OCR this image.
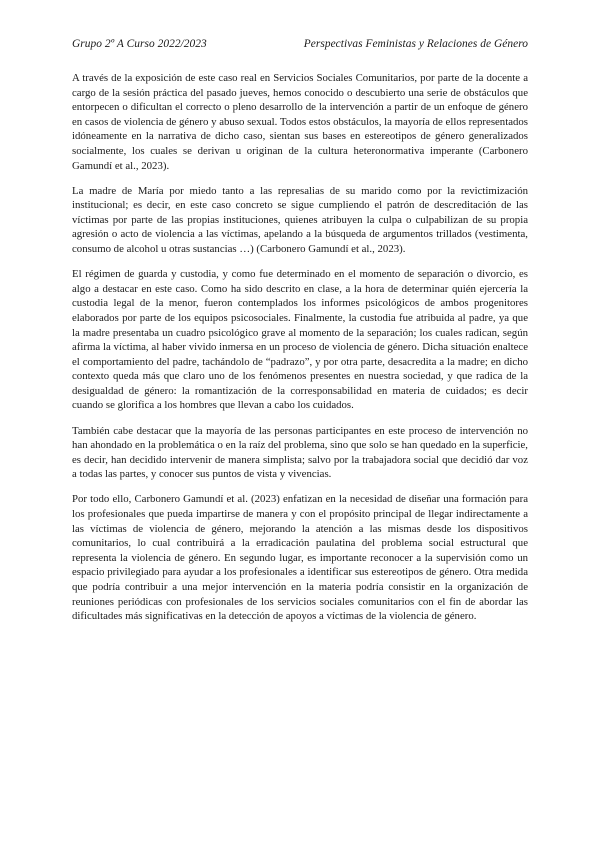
Grupo 2º A Curso 2022/2023	Perspectivas Feministas y Relaciones de Género

A través de la exposición de este caso real en Servicios Sociales Comunitarios, por parte de la docente a cargo de la sesión práctica del pasado jueves, hemos conocido o descubierto una serie de obstáculos que entorpecen o dificultan el correcto o pleno desarrollo de la intervención a partir de un enfoque de género en casos de violencia de género y abuso sexual. Todos estos obstáculos, la mayoría de ellos representados idóneamente en la narrativa de dicho caso, sientan sus bases en estereotipos de género generalizados socialmente, los cuales se derivan u originan de la cultura heteronormativa imperante (Carbonero Gamundí et al., 2023).

La madre de María por miedo tanto a las represalias de su marido como por la revictimización institucional; es decir, en este caso concreto se sigue cumpliendo el patrón de descreditación de las víctimas por parte de las propias instituciones, quienes atribuyen la culpa o culpabilizan de su propia agresión o acto de violencia a las víctimas, apelando a la búsqueda de argumentos trillados (vestimenta, consumo de alcohol u otras sustancias …) (Carbonero Gamundí et al., 2023).

El régimen de guarda y custodia, y como fue determinado en el momento de separación o divorcio, es algo a destacar en este caso. Como ha sido descrito en clase, a la hora de determinar quién ejercería la custodia legal de la menor, fueron contemplados los informes psicológicos de ambos progenitores elaborados por parte de los equipos psicosociales. Finalmente, la custodia fue atribuida al padre, ya que la madre presentaba un cuadro psicológico grave al momento de la separación; los cuales radican, según afirma la víctima, al haber vivido inmersa en un proceso de violencia de género. Dicha situación enaltece el comportamiento del padre, tachándolo de “padrazo”, y por otra parte, desacredita a la madre; en dicho contexto queda más que claro uno de los fenómenos presentes en nuestra sociedad, y que radica de la desigualdad de género: la romantización de la corresponsabilidad en materia de cuidados; es decir cuando se glorifica a los hombres que llevan a cabo los cuidados.

También cabe destacar que la mayoría de las personas participantes en este proceso de intervención no han ahondado en la problemática o en la raíz del problema, sino que solo se han quedado en la superficie, es decir, han decidido intervenir de manera simplista; salvo por la trabajadora social que decidió dar voz a todas las partes, y conocer sus puntos de vista y vivencias.

Por todo ello, Carbonero Gamundí et al. (2023) enfatizan en la necesidad de diseñar una formación para los profesionales que pueda impartirse de manera y con el propósito principal de llegar indirectamente a las víctimas de violencia de género, mejorando la atención a las mismas desde los dispositivos comunitarios, lo cual contribuirá a la erradicación paulatina del problema social estructural que representa la violencia de género. En segundo lugar, es importante reconocer a la supervisión como un espacio privilegiado para ayudar a los profesionales a identificar sus estereotipos de género. Otra medida que podría contribuir a una mejor intervención en la materia podría consistir en la organización de reuniones periódicas con profesionales de los servicios sociales comunitarios con el fin de abordar las dificultades más significativas en la detección de apoyos a víctimas de la violencia de género.
